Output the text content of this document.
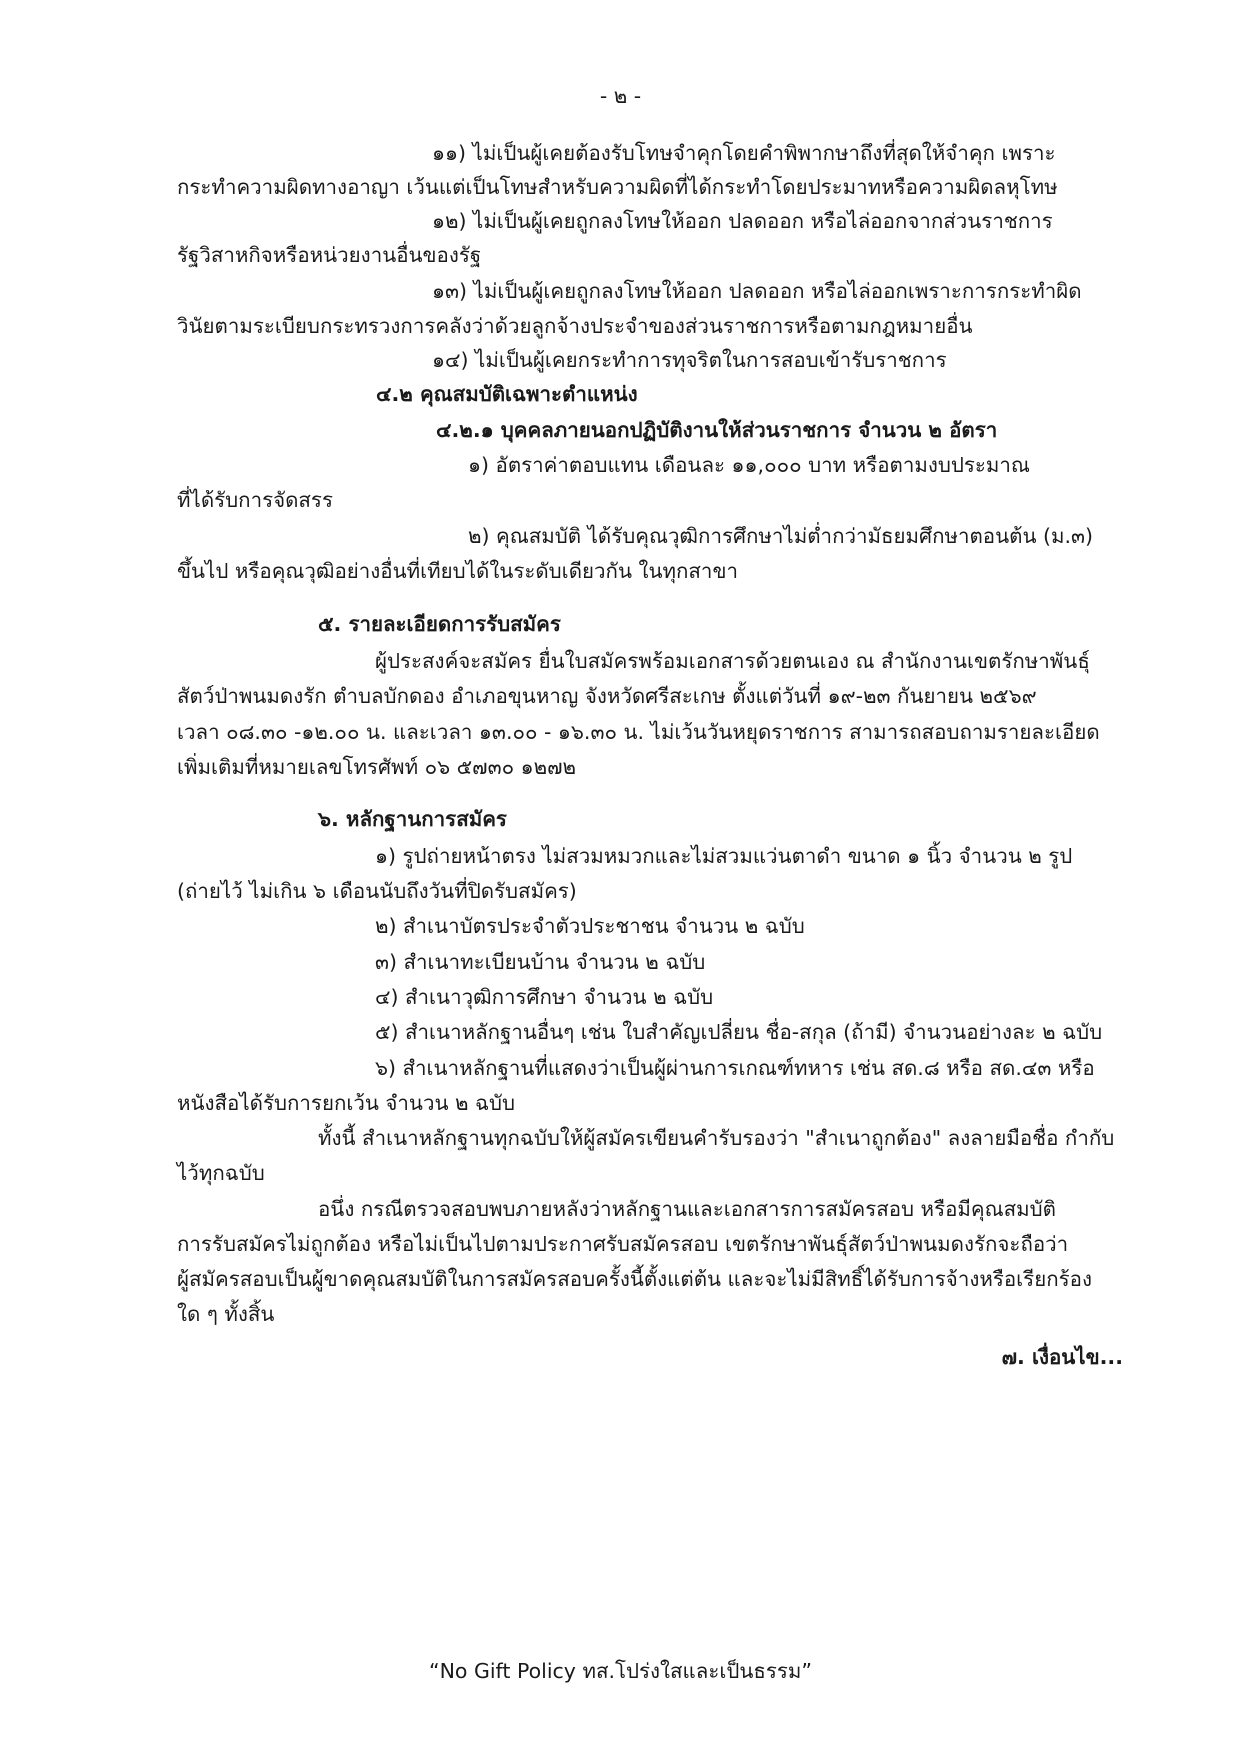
- ๒ -
๑๑) ไม่เป็นผู้เคยต้องรับโทษจำคุกโดยคำพิพากษาถึงที่สุดให้จำคุก เพราะ
กระทำความผิดทางอาญา เว้นแต่เป็นโทษสำหรับความผิดที่ได้กระทำโดยประมาทหรือความผิดลหุโทษ
๑๒) ไม่เป็นผู้เคยถูกลงโทษให้ออก ปลดออก หรือไล่ออกจากส่วนราชการ
รัฐวิสาหกิจหรือหน่วยงานอื่นของรัฐ
๑๓) ไม่เป็นผู้เคยถูกลงโทษให้ออก ปลดออก หรือไล่ออกเพราะการกระทำผิด
วินัยตามระเบียบกระทรวงการคลังว่าด้วยลูกจ้างประจำของส่วนราชการหรือตามกฎหมายอื่น
๑๔) ไม่เป็นผู้เคยกระทำการทุจริตในการสอบเข้ารับราชการ
๔.๒ คุณสมบัติเฉพาะตำแหน่ง
๔.๒.๑ บุคคลภายนอกปฏิบัติงานให้ส่วนราชการ จำนวน ๒ อัตรา
๑) อัตราค่าตอบแทน เดือนละ ๑๑,๐๐๐ บาท หรือตามงบประมาณ
ที่ได้รับการจัดสรร
๒) คุณสมบัติ ได้รับคุณวุฒิการศึกษาไม่ต่ำกว่ามัธยมศึกษาตอนต้น (ม.๓)
ขึ้นไป หรือคุณวุฒิอย่างอื่นที่เทียบได้ในระดับเดียวกัน ในทุกสาขา
๕. รายละเอียดการรับสมัคร
ผู้ประสงค์จะสมัคร ยื่นใบสมัครพร้อมเอกสารด้วยตนเอง ณ สำนักงานเขตรักษาพันธุ์
สัตว์ป่าพนมดงรัก ตำบลบักดอง อำเภอขุนหาญ จังหวัดศรีสะเกษ ตั้งแต่วันที่ ๑๙-๒๓ กันยายน ๒๕๖๙
เวลา ๐๘.๓๐ -๑๒.๐๐ น. และเวลา ๑๓.๐๐ - ๑๖.๓๐ น. ไม่เว้นวันหยุดราชการ สามารถสอบถามรายละเอียด
เพิ่มเติมที่หมายเลขโทรศัพท์ ๐๖ ๕๗๓๐ ๑๒๗๒
๖. หลักฐานการสมัคร
๑) รูปถ่ายหน้าตรง ไม่สวมหมวกและไม่สวมแว่นตาดำ ขนาด ๑ นิ้ว จำนวน ๒ รูป
(ถ่ายไว้ ไม่เกิน ๖ เดือนนับถึงวันที่ปิดรับสมัคร)
๒) สำเนาบัตรประจำตัวประชาชน จำนวน ๒ ฉบับ
๓) สำเนาทะเบียนบ้าน จำนวน ๒ ฉบับ
๔) สำเนาวุฒิการศึกษา จำนวน ๒ ฉบับ
๕) สำเนาหลักฐานอื่นๆ เช่น ใบสำคัญเปลี่ยน ชื่อ-สกุล (ถ้ามี) จำนวนอย่างละ ๒ ฉบับ
๖) สำเนาหลักฐานที่แสดงว่าเป็นผู้ผ่านการเกณฑ์ทหาร เช่น สด.๘ หรือ สด.๔๓ หรือ
หนังสือได้รับการยกเว้น จำนวน ๒ ฉบับ
ทั้งนี้ สำเนาหลักฐานทุกฉบับให้ผู้สมัครเขียนคำรับรองว่า "สำเนาถูกต้อง" ลงลายมือชื่อ กำกับ
ไว้ทุกฉบับ
อนึ่ง กรณีตรวจสอบพบภายหลังว่าหลักฐานและเอกสารการสมัครสอบ หรือมีคุณสมบัติ
การรับสมัครไม่ถูกต้อง หรือไม่เป็นไปตามประกาศรับสมัครสอบ เขตรักษาพันธุ์สัตว์ป่าพนมดงรักจะถือว่า
ผู้สมัครสอบเป็นผู้ขาดคุณสมบัติในการสมัครสอบครั้งนี้ตั้งแต่ต้น และจะไม่มีสิทธิ์ได้รับการจ้างหรือเรียกร้อง
ใด ๆ ทั้งสิ้น
๗. เงื่อนไข...
“No Gift Policy ทส.โปร่งใสและเป็นธรรม”
